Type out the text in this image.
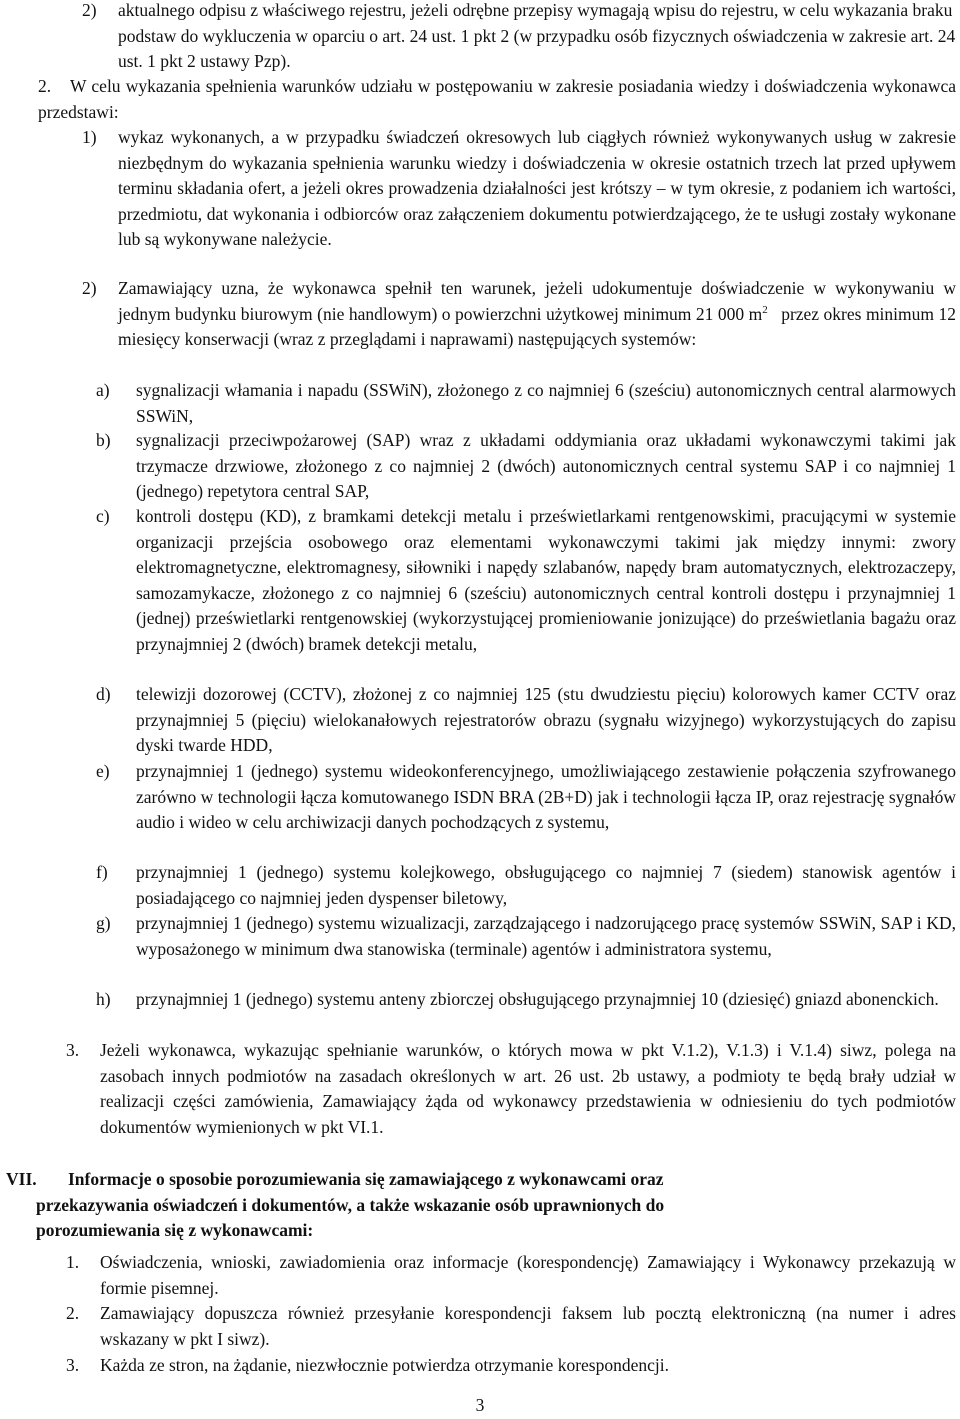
2) aktualnego odpisu z właściwego rejestru, jeżeli odrębne przepisy wymagają wpisu do rejestru, w celu wykazania braku podstaw do wykluczenia w oparciu o art. 24 ust. 1 pkt 2 (w przypadku osób fizycznych oświadczenia w zakresie art. 24 ust. 1 pkt 2 ustawy Pzp).
2. W celu wykazania spełnienia warunków udziału w postępowaniu w zakresie posiadania wiedzy i doświadczenia wykonawca przedstawi:
1) wykaz wykonanych, a w przypadku świadczeń okresowych lub ciągłych również wykonywanych usług w zakresie niezbędnym do wykazania spełnienia warunku wiedzy i doświadczenia w okresie ostatnich trzech lat przed upływem terminu składania ofert, a jeżeli okres prowadzenia działalności jest krótszy – w tym okresie, z podaniem ich wartości, przedmiotu, dat wykonania i odbiorców oraz załączeniem dokumentu potwierdzającego, że te usługi zostały wykonane lub są wykonywane należycie.
2) Zamawiający uzna, że wykonawca spełnił ten warunek, jeżeli udokumentuje doświadczenie w wykonywaniu w jednym budynku biurowym (nie handlowym) o powierzchni użytkowej minimum 21 000 $m^2$ przez okres minimum 12 miesięcy konserwacji (wraz z przeglądami i naprawami) następujących systemów:
a) sygnalizacji włamania i napadu (SSWiN), złożonego z co najmniej 6 (sześciu) autonomicznych central alarmowych SSWiN,
b) sygnalizacji przeciwpożarowej (SAP) wraz z układami oddymiania oraz układami wykonawczymi takimi jak trzymacze drzwiowe, złożonego z co najmniej 2 (dwóch) autonomicznych central systemu SAP i co najmniej 1 (jednego) repetytora central SAP,
c) kontroli dostępu (KD), z bramkami detekcji metalu i prześwietlarkami rentgenowskimi, pracującymi w systemie organizacji przejścia osobowego oraz elementami wykonawczymi takimi jak między innymi: zwory elektromagnetyczne, elektromagnesy, siłowniki i napędy szlabanów, napędy bram automatycznych, elektrozaczepy, samozamykacze, złożonego z co najmniej 6 (sześciu) autonomicznych central kontroli dostępu i przynajmniej 1 (jednej) prześwietlarki rentgenowskiej (wykorzystującej promieniowanie jonizujące) do prześwietlania bagażu oraz przynajmniej 2 (dwóch) bramek detekcji metalu,
d) telewizji dozorowej (CCTV), złożonej z co najmniej 125 (stu dwudziestu pięciu) kolorowych kamer CCTV oraz przynajmniej 5 (pięciu) wielokanałowych rejestratorów obrazu (sygnału wizyjnego) wykorzystujących do zapisu dyski twarde HDD,
e) przynajmniej 1 (jednego) systemu wideokonferencyjnego, umożliwiającego zestawienie połączenia szyfrowanego zarówno w technologii łącza komutowanego ISDN BRA (2B+D) jak i technologii łącza IP, oraz rejestrację sygnałów audio i wideo w celu archiwizacji danych pochodzących z systemu,
f) przynajmniej 1 (jednego) systemu kolejkowego, obsługującego co najmniej 7 (siedem) stanowisk agentów i posiadającego co najmniej jeden dyspenser biletowy,
g) przynajmniej 1 (jednego) systemu wizualizacji, zarządzającego i nadzorującego pracę systemów SSWiN, SAP i KD, wyposażonego w minimum dwa stanowiska (terminale) agentów i administratora systemu,
h) przynajmniej 1 (jednego) systemu anteny zbiorczej obsługującego przynajmniej 10 (dziesięć) gniazd abonenckich.
3. Jeżeli wykonawca, wykazując spełnianie warunków, o których mowa w pkt V.1.2), V.1.3) i V.1.4) siwz, polega na zasobach innych podmiotów na zasadach określonych w art. 26 ust. 2b ustawy, a podmioty te będą brały udział w realizacji części zamówienia, Zamawiający żąda od wykonawcy przedstawienia w odniesieniu do tych podmiotów dokumentów wymienionych w pkt VI.1.
VII. Informacje o sposobie porozumiewania się zamawiającego z wykonawcami oraz
przekazywania oświadczeń i dokumentów, a także wskazanie osób uprawnionych do
porozumiewania się z wykonawcami:
1. Oświadczenia, wnioski, zawiadomienia oraz informacje (korespondencję) Zamawiający i Wykonawcy przekazują w formie pisemnej.
2. Zamawiający dopuszcza również przesyłanie korespondencji faksem lub pocztą elektroniczną (na numer i adres wskazany w pkt I siwz).
3. Każda ze stron, na żądanie, niezwłocznie potwierdza otrzymanie korespondencji.
3
